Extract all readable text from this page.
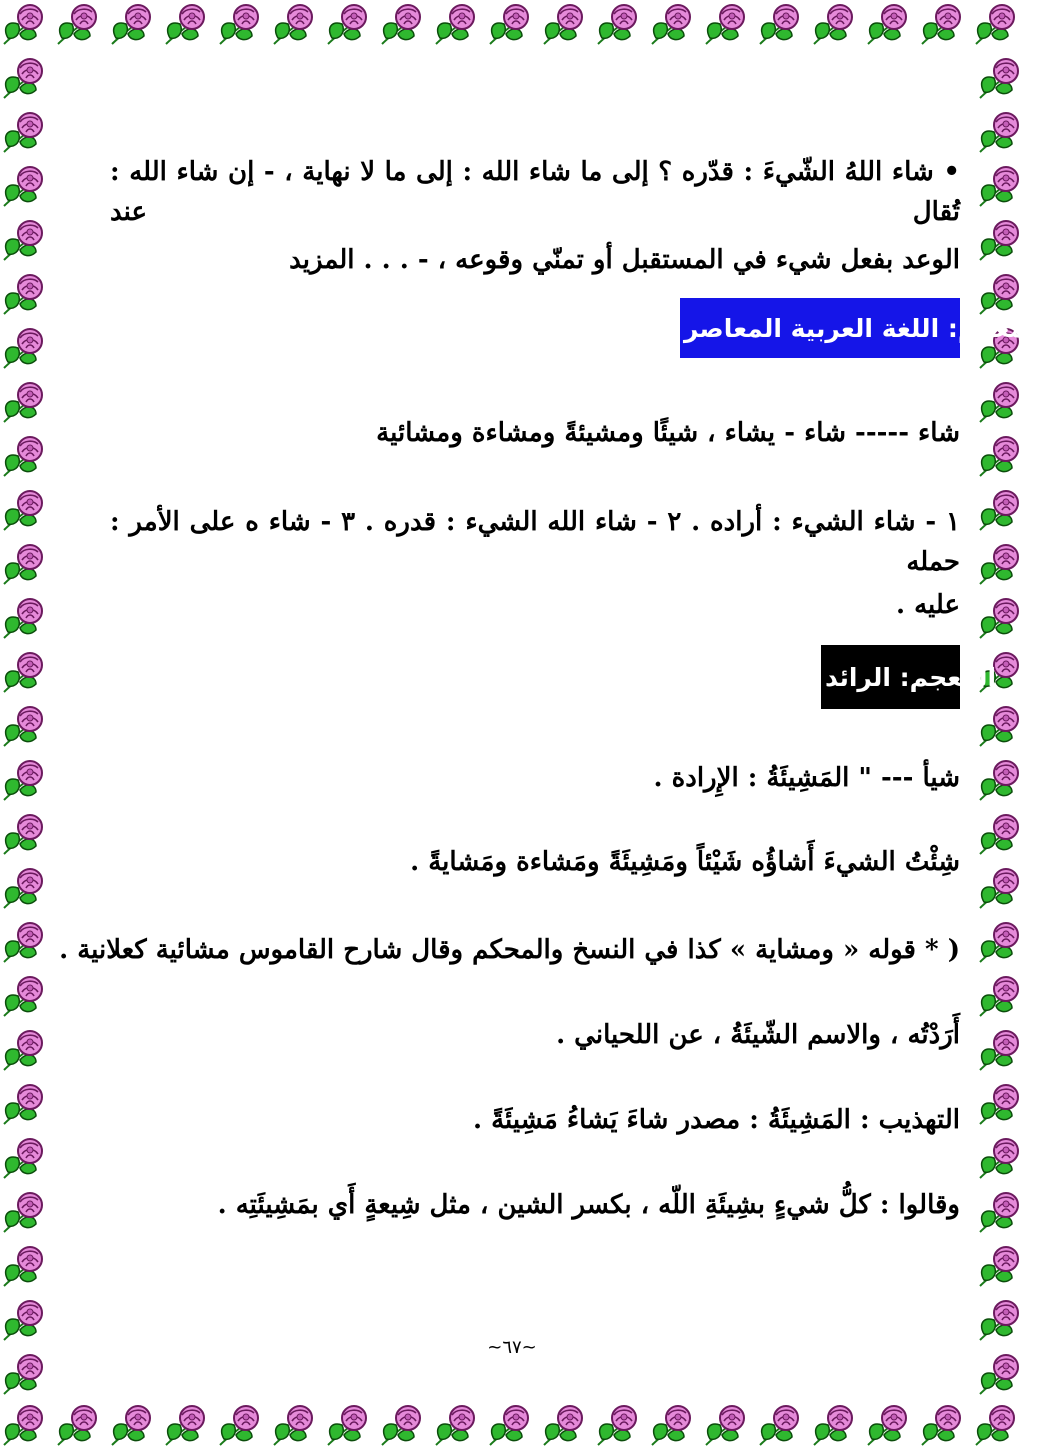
• شاء اللهُ الشّيءَ : قدّره ؟ إلى ما شاء الله : إلى ما لا نهاية ، - إن شاء الله : تُقال عند
الوعد بفعل شيء في المستقبل أو تمنّي وقوعه ، - . . . المزيد
المعجم: اللغة العربية المعاصر
شاء ----- شاء - يشاء ، شيئًا ومشيئةً ومشاءة ومشائية
١ - شاء الشيء : أراده . ٢ - شاء الله الشيء : قدره . ٣ - شاء ه على الأمر : حمله
عليه .
المعجم: الرائد
شيأ --- " المَشِيئَةُ : الإِرادة .
شِئْتُ الشيءَ أَشاؤُه شَيْئاً ومَشِيئَةً ومَشاءة ومَشايةً .
( * قوله « ومشاية » كذا في النسخ والمحكم وقال شارح القاموس مشائية كعلانية .
أَرَدْتُه ، والاسم الشّيئَةُ ، عن اللحياني .
التهذيب : المَشِيئَةُ : مصدر شاءَ يَشاءُ مَشِيئَةً .
وقالوا : كلُّ شيءٍ بشِيئَةِ اللّه ، بكسر الشين ، مثل شِيعةٍ أَي بمَشِيئَتِه .
~٦٧~
